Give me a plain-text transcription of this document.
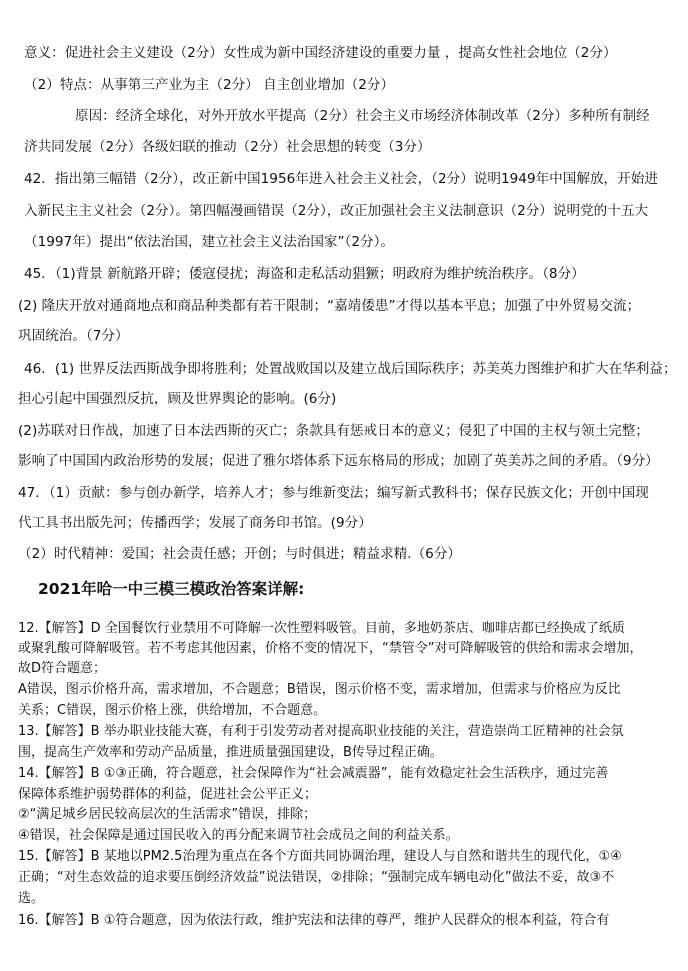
意义：促进社会主义建设（2分）女性成为新中国经济建设的重要力量 ，提高女性社会地位（2分）
（2）特点：从事第三产业为主（2分） 自主创业增加（2分）
原因：经济全球化，对外开放水平提高（2分）社会主义市场经济体制改革（2分）多种所有制经
济共同发展（2分）各级妇联的推动（2分）社会思想的转变（3分）
42．指出第三幅错（2分），改正新中国1956年进入社会主义社会，（2分）说明1949年中国解放，开始进
入新民主主义社会（2分）。第四幅漫画错误（2分），改正加强社会主义法制意识（2分）说明党的十五大
（1997年）提出“依法治国，建立社会主义法治国家”（2分）。
45．（1)背景 新航路开辟；倭寇侵扰；海盗和走私活动猖獗；明政府为维护统治秩序。（8分）
(2) 隆庆开放对通商地点和商品种类都有若干限制；“嘉靖倭患”才得以基本平息；加强了中外贸易交流；
巩固统治。（7分）
46．(1) 世界反法西斯战争即将胜利；处置战败国以及建立战后国际秩序；苏美英力图维护和扩大在华利益；
担心引起中国强烈反抗，顾及世界舆论的影响。(6分)
(2)苏联对日作战，加速了日本法西斯的灭亡；条款具有惩戒日本的意义；侵犯了中国的主权与领土完整；
影响了中国国内政治形势的发展；促进了雅尔塔体系下远东格局的形成；加剧了英美苏之间的矛盾。（9分）
47．（1）贡献：参与创办新学，培养人才；参与维新变法；编写新式教科书；保存民族文化；开创中国现
代工具书出版先河；传播西学；发展了商务印书馆。(9分）
（2）时代精神：爱国；社会责任感；开创；与时俱进；精益求精.（6分）
2021年哈一中三模三模政治答案详解:
12.【解答】D 全国餐饮行业禁用不可降解一次性塑料吸管。目前，多地奶茶店、咖啡店都已经换成了纸质
或聚乳酸可降解吸管。若不考虑其他因素，价格不变的情况下，“禁管令”对可降解吸管的供给和需求会增加，
故D符合题意；
A错误，图示价格升高，需求增加，不合题意；B错误，图示价格不变，需求增加，但需求与价格应为反比
关系；C错误，图示价格上涨，供给增加，不合题意。
13.【解答】B 举办职业技能大赛，有利于引发劳动者对提高职业技能的关注，营造崇尚工匠精神的社会氛
围，提高生产效率和劳动产品质量，推进质量强国建设，B传导过程正确。
14.【解答】B ①③正确，符合题意，社会保障作为“社会减震器”，能有效稳定社会生活秩序，通过完善
保障体系维护弱势群体的利益，促进社会公平正义；
②“满足城乡居民较高层次的生活需求”错误，排除；
④错误，社会保障是通过国民收入的再分配来调节社会成员之间的利益关系。
15.【解答】B 某地以PM2.5治理为重点在各个方面共同协调治理，建设人与自然和谐共生的现代化，①④
正确；“对生态效益的追求要压倒经济效益”说法错误，②排除；“强制完成车辆电动化”做法不妥，故③不
选。
16.【解答】B ①符合题意，因为依法行政，维护宪法和法律的尊严，维护人民群众的根本利益，符合有
